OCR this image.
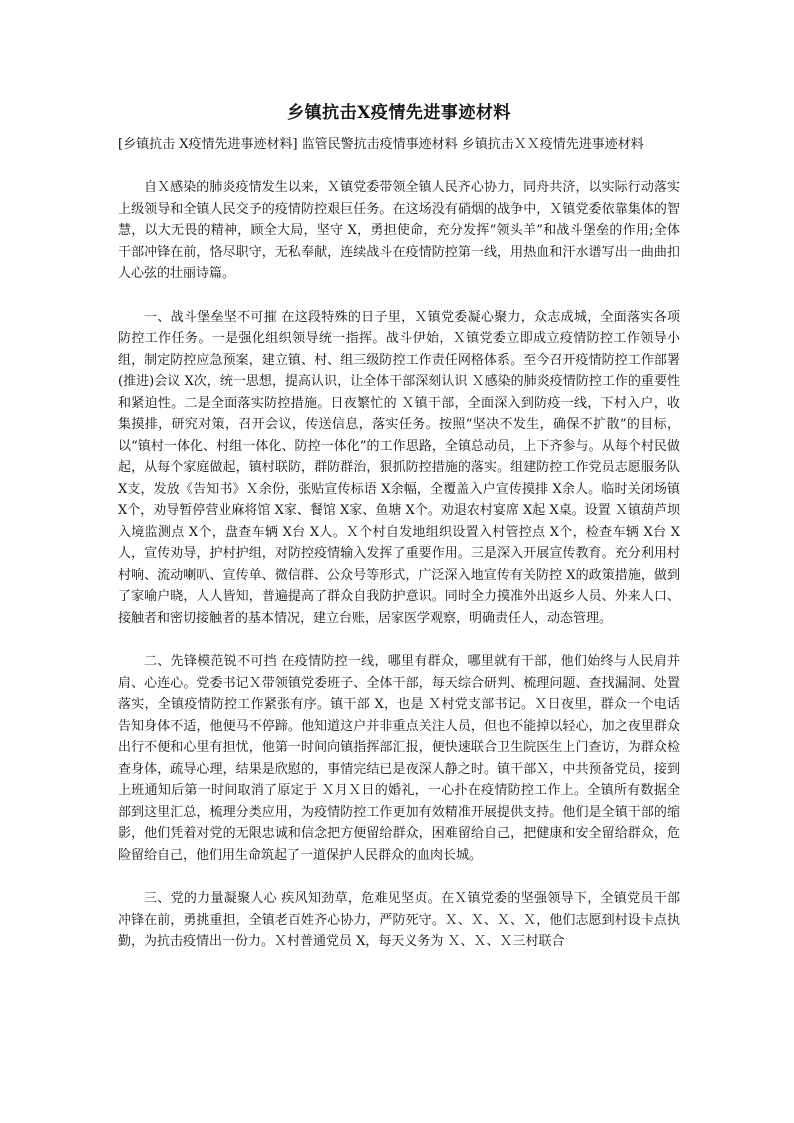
乡镇抗击X疫情先进事迹材料

[乡镇抗击 X疫情先进事迹材料] 监管民警抗击疫情事迹材料 乡镇抗击ＸＸ疫情先进事迹材料

自Ｘ感染的肺炎疫情发生以来，Ｘ镇党委带领全镇人民齐心协力，同舟共济，以实际行动落实上级领导和全镇人民交予的疫情防控艰巨任务。在这场没有硝烟的战争中，Ｘ镇党委依靠集体的智慧，以大无畏的精神，顾全大局，坚守 X，勇担使命，充分发挥“领头羊”和战斗堡垒的作用;全体干部冲锋在前，恪尽职守，无私奉献，连续战斗在疫情防控第一线，用热血和汗水谱写出一曲曲扣人心弦的壮丽诗篇。

一、战斗堡垒坚不可摧 在这段特殊的日子里，Ｘ镇党委凝心聚力，众志成城，全面落实各项防控工作任务。一是强化组织领导统一指挥。战斗伊始，Ｘ镇党委立即成立疫情防控工作领导小组，制定防控应急预案，建立镇、村、组三级防控工作责任网格体系。至今召开疫情防控工作部署(推进)会议 X次，统一思想，提高认识，让全体干部深刻认识 Ｘ感染的肺炎疫情防控工作的重要性和紧迫性。二是全面落实防控措施。日夜繁忙的 Ｘ镇干部，全面深入到防疫一线，下村入户，收集摸排，研究对策，召开会议，传送信息，落实任务。按照“坚决不发生，确保不扩散”的目标，以“镇村一体化、村组一体化、防控一体化”的工作思路，全镇总动员，上下齐参与。从每个村民做起，从每个家庭做起，镇村联防，群防群治，狠抓防控措施的落实。组建防控工作党员志愿服务队 X支，发放《告知书》Ｘ余份，张贴宣传标语 X余幅，全覆盖入户宣传摸排 X余人。临时关闭场镇 X个，劝导暂停营业麻将馆 X家、餐馆 X家、鱼塘 X个。劝退农村宴席 X起 X桌。设置 Ｘ镇葫芦坝入境监测点 X个，盘查车辆 X台 X人。Ｘ个村自发地组织设置入村管控点 X个，检查车辆 X台 X人，宣传劝导，护村护组，对防控疫情输入发挥了重要作用。三是深入开展宣传教育。充分利用村村响、流动喇叭、宣传单、微信群、公众号等形式，广泛深入地宣传有关防控 X的政策措施，做到了家喻户晓，人人皆知，普遍提高了群众自我防护意识。同时全力摸准外出返乡人员、外来人口、接触者和密切接触者的基本情况，建立台账，居家医学观察，明确责任人，动态管理。

二、先锋模范锐不可挡 在疫情防控一线，哪里有群众，哪里就有干部，他们始终与人民肩并肩、心连心。党委书记Ｘ带领镇党委班子、全体干部，每天综合研判、梳理问题、查找漏洞、处置落实，全镇疫情防控工作紧张有序。镇干部 X，也是 Ｘ村党支部书记。Ｘ日夜里，群众一个电话告知身体不适，他便马不停蹄。他知道这户并非重点关注人员，但也不能掉以轻心，加之夜里群众出行不便和心里有担忧，他第一时间向镇指挥部汇报，便快速联合卫生院医生上门查访，为群众检查身体，疏导心理，结果是欣慰的，事情完结已是夜深人静之时。镇干部Ｘ，中共预备党员，接到上班通知后第一时间取消了原定于 Ｘ月Ｘ日的婚礼，一心扑在疫情防控工作上。全镇所有数据全部到这里汇总，梳理分类应用，为疫情防控工作更加有效精准开展提供支持。他们是全镇干部的缩影，他们凭着对党的无限忠诚和信念把方便留给群众，困难留给自己，把健康和安全留给群众，危险留给自己，他们用生命筑起了一道保护人民群众的血肉长城。

三、党的力量凝聚人心 疾风知劲草，危难见坚贞。在Ｘ镇党委的坚强领导下，全镇党员干部冲锋在前，勇挑重担，全镇老百姓齐心协力，严防死守。Ｘ、Ｘ、Ｘ、Ｘ，他们志愿到村设卡点执勤，为抗击疫情出一份力。Ｘ村普通党员 X，每天义务为 Ｘ、Ｘ、Ｘ三村联合
